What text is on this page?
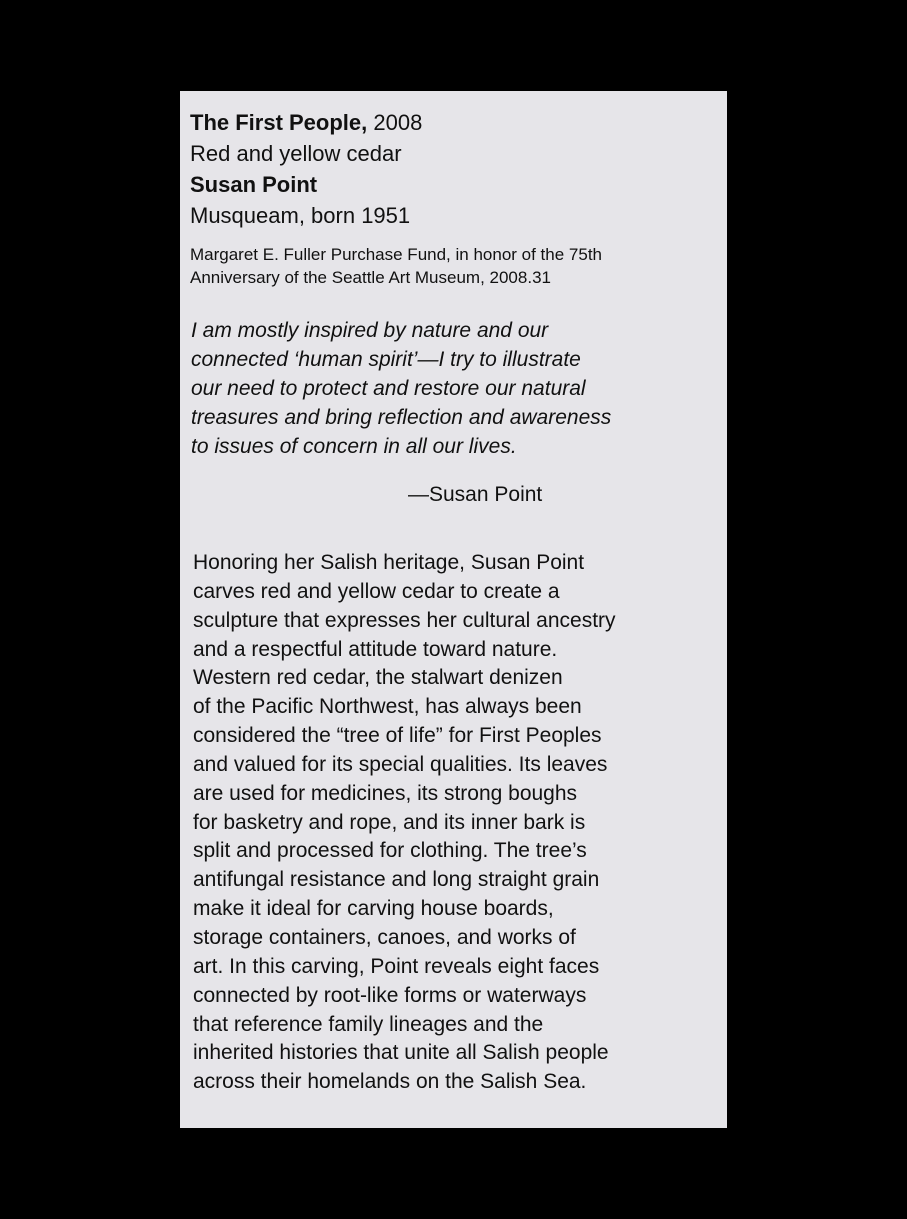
The First People, 2008
Red and yellow cedar
Susan Point
Musqueam, born 1951
Margaret E. Fuller Purchase Fund, in honor of the 75th
Anniversary of the Seattle Art Museum, 2008.31
I am mostly inspired by nature and our
connected ‘human spirit’—I try to illustrate
our need to protect and restore our natural
treasures and bring reflection and awareness
to issues of concern in all our lives.
—Susan Point
Honoring her Salish heritage, Susan Point
carves red and yellow cedar to create a
sculpture that expresses her cultural ancestry
and a respectful attitude toward nature.
Western red cedar, the stalwart denizen
of the Pacific Northwest, has always been
considered the “tree of life” for First Peoples
and valued for its special qualities. Its leaves
are used for medicines, its strong boughs
for basketry and rope, and its inner bark is
split and processed for clothing. The tree’s
antifungal resistance and long straight grain
make it ideal for carving house boards,
storage containers, canoes, and works of
art. In this carving, Point reveals eight faces
connected by root-like forms or waterways
that reference family lineages and the
inherited histories that unite all Salish people
across their homelands on the Salish Sea.
